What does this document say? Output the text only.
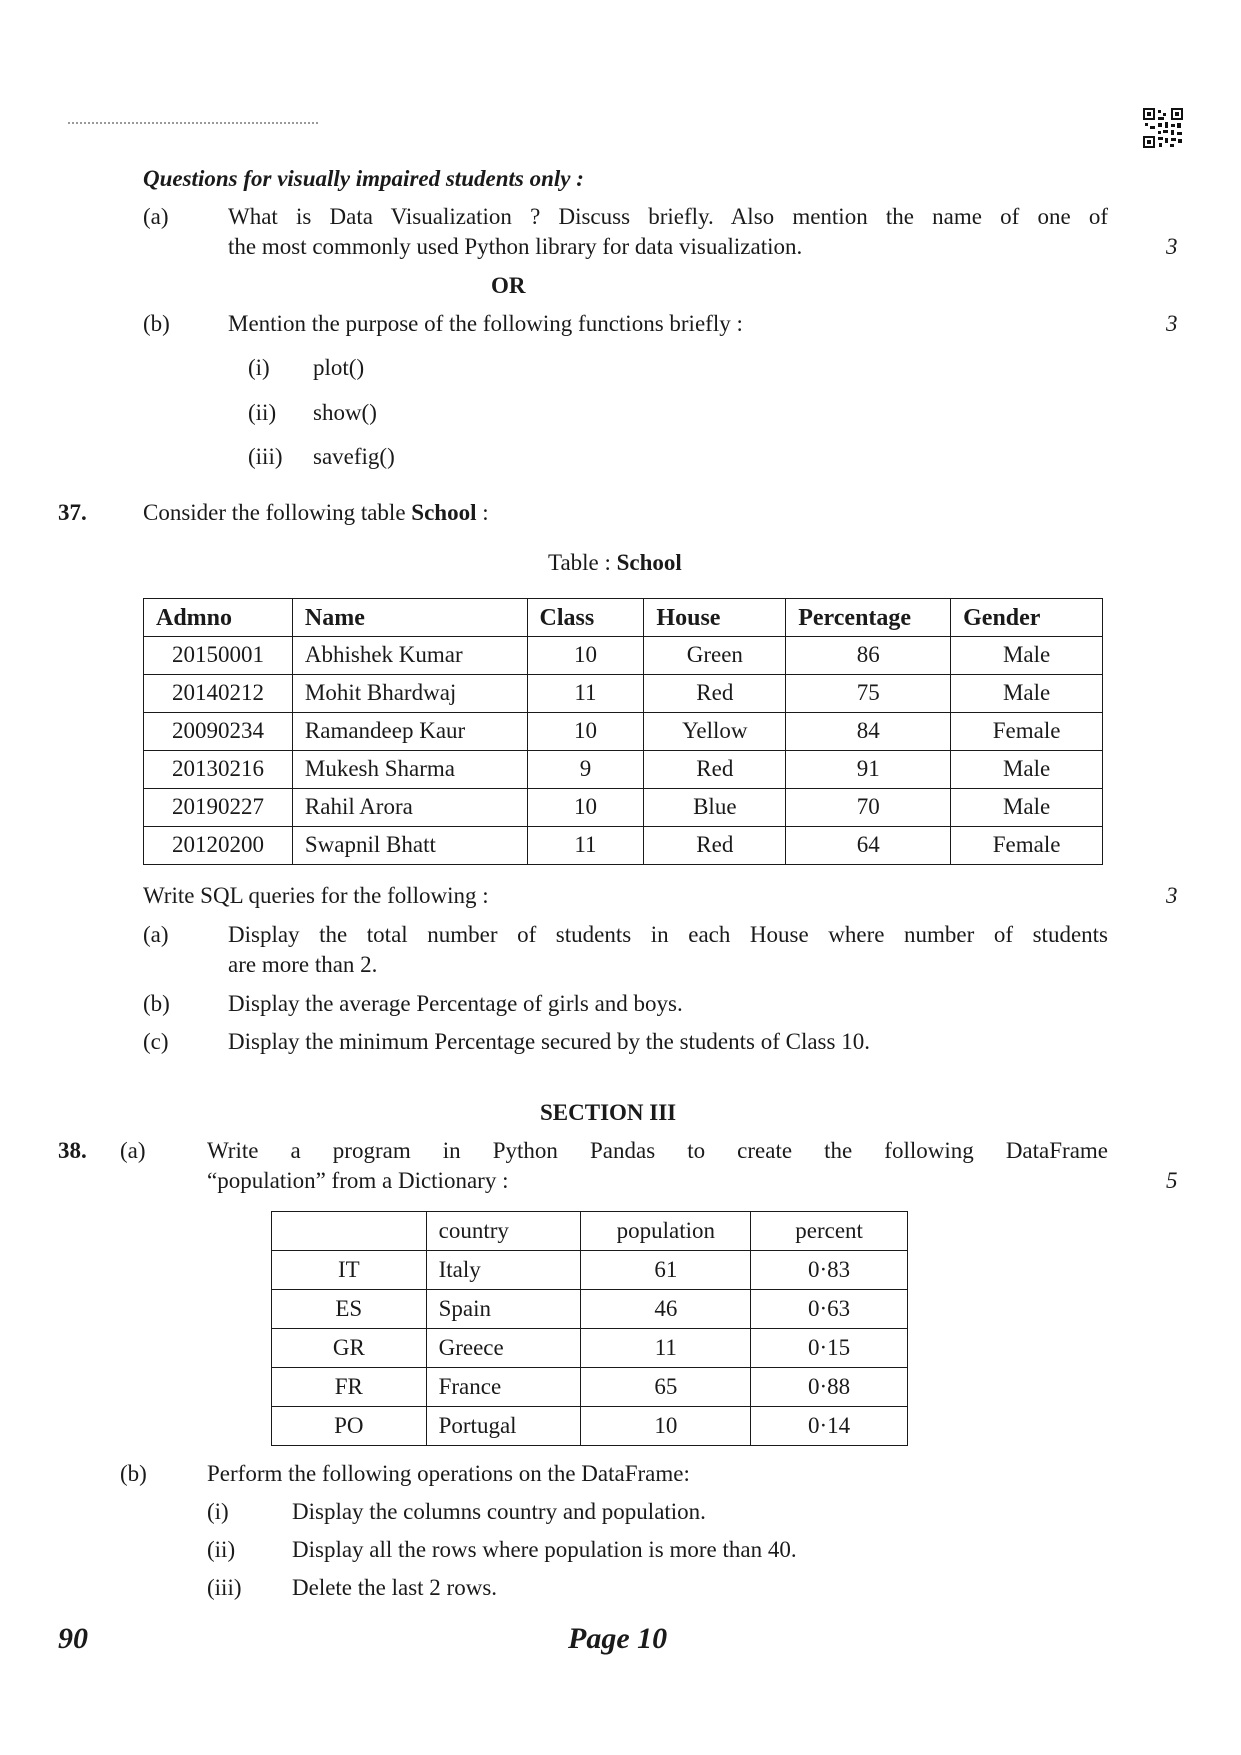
Questions for visually impaired students only :
(a)	What is Data Visualization ? Discuss briefly. Also mention the name of one of
the most commonly used Python library for data visualization.	3
OR
(b)	Mention the purpose of the following functions briefly :	3
(i) plot()
(ii) show()
(iii) savefig()
37. Consider the following table School :
Table : School
Admno	Name	Class	House	Percentage	Gender
20150001	Abhishek Kumar	10	Green	86	Male
20140212	Mohit Bhardwaj	11	Red	75	Male
20090234	Ramandeep Kaur	10	Yellow	84	Female
20130216	Mukesh Sharma	9	Red	91	Male
20190227	Rahil Arora	10	Blue	70	Male
20120200	Swapnil Bhatt	11	Red	64	Female
Write SQL queries for the following :	3
(a)	Display the total number of students in each House where number of students
are more than 2.
(b)	Display the average Percentage of girls and boys.
(c)	Display the minimum Percentage secured by the students of Class 10.
SECTION III
38. (a)	Write a program in Python Pandas to create the following DataFrame
“population” from a Dictionary :	5
	country	population	percent
IT	Italy	61	0·83
ES	Spain	46	0·63
GR	Greece	11	0·15
FR	France	65	0·88
PO	Portugal	10	0·14
(b)	Perform the following operations on the DataFrame:
(i)	Display the columns country and population.
(ii) Display all the rows where population is more than 40.
(iii) Delete the last 2 rows.
90	Page 10
